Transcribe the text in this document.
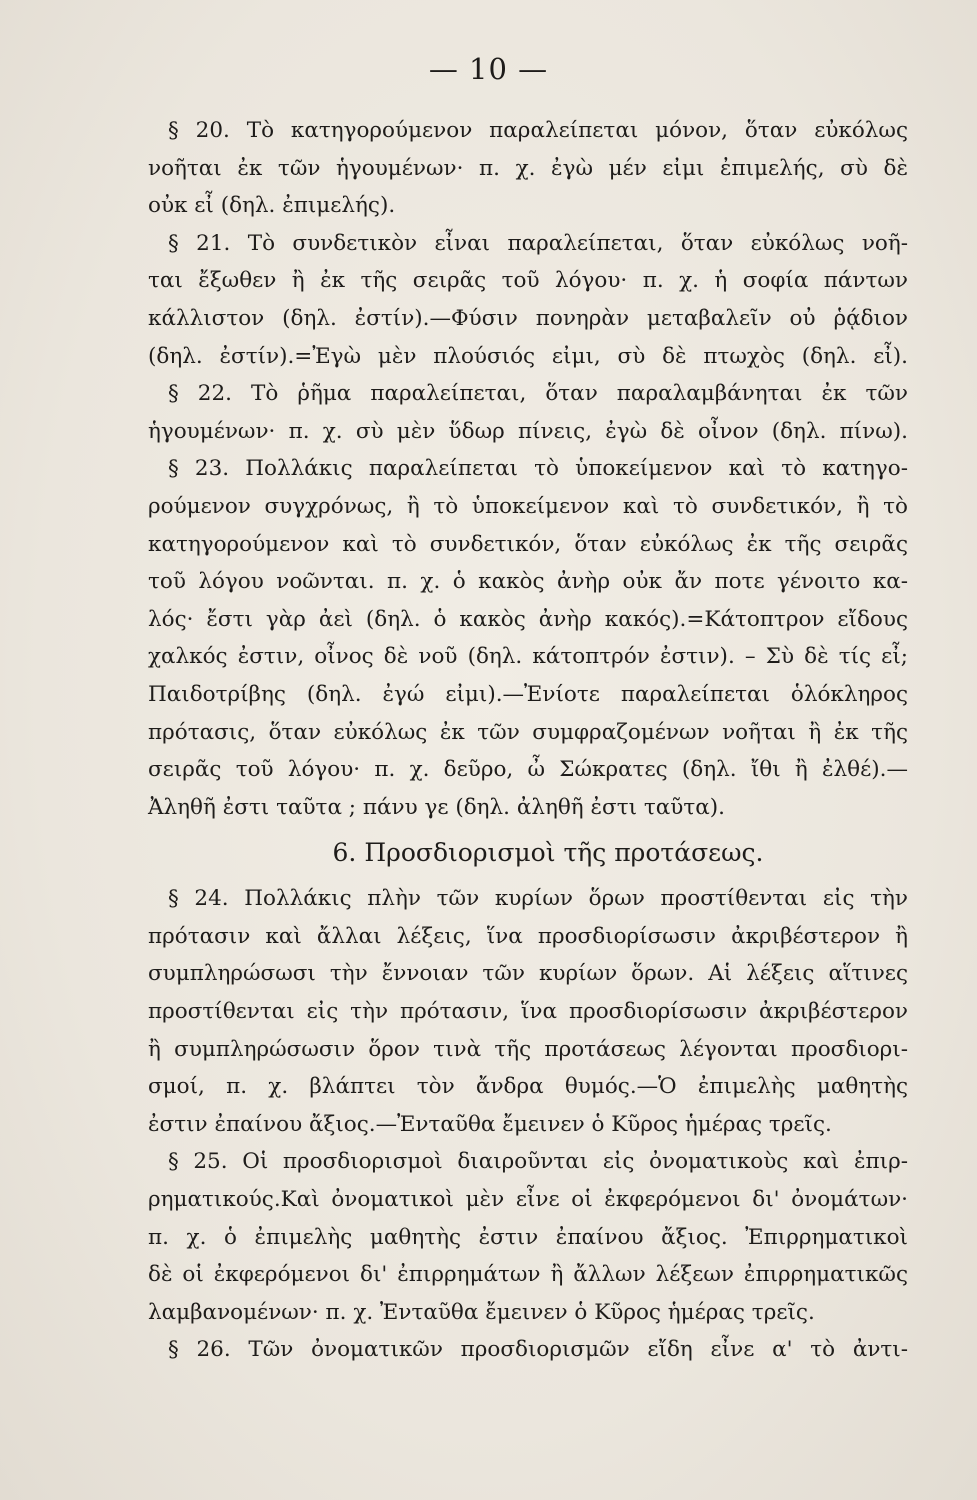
— 10 —
§ 20. Τὸ κατηγορούμενον παραλείπεται μόνον, ὅταν εὐκόλως
νοῆται ἐκ τῶν ἡγουμένων· π. χ. ἐγὼ μέν εἰμι ἐπιμελής, σὺ δὲ
οὐκ εἶ (δηλ. ἐπιμελής).
§ 21. Τὸ συνδετικὸν εἶναι παραλείπεται, ὅταν εὐκόλως νοῆ-
ται ἔξωθεν ἢ ἐκ τῆς σειρᾶς τοῦ λόγου· π. χ. ἡ σοφία πάντων
κάλλιστον (δηλ. ἐστίν).—Φύσιν πονηρὰν μεταβαλεῖν οὐ ῥᾴδιον
(δηλ. ἐστίν).=Ἐγὼ μὲν πλούσιός εἰμι, σὺ δὲ πτωχὸς (δηλ. εἶ).
§ 22. Τὸ ῥῆμα παραλείπεται, ὅταν παραλαμβάνηται ἐκ τῶν
ἡγουμένων· π. χ. σὺ μὲν ὕδωρ πίνεις, ἐγὼ δὲ οἶνον (δηλ. πίνω).
§ 23. Πολλάκις παραλείπεται τὸ ὑποκείμενον καὶ τὸ κατηγο-
ρούμενον συγχρόνως, ἢ τὸ ὑποκείμενον καὶ τὸ συνδετικόν, ἢ τὸ
κατηγορούμενον καὶ τὸ συνδετικόν, ὅταν εὐκόλως ἐκ τῆς σειρᾶς
τοῦ λόγου νοῶνται. π. χ. ὁ κακὸς ἀνὴρ οὐκ ἄν ποτε γένοιτο κα-
λός· ἔστι γὰρ ἀεὶ (δηλ. ὁ κακὸς ἀνὴρ κακός).=Κάτοπτρον εἴδους
χαλκός ἐστιν, οἶνος δὲ νοῦ (δηλ. κάτοπτρόν ἐστιν). – Σὺ δὲ τίς εἶ;
Παιδοτρίβης (δηλ. ἐγώ εἰμι).—Ἐνίοτε παραλείπεται ὁλόκληρος
πρότασις, ὅταν εὐκόλως ἐκ τῶν συμφραζομένων νοῆται ἢ ἐκ τῆς
σειρᾶς τοῦ λόγου· π. χ. δεῦρο, ὦ Σώκρατες (δηλ. ἴθι ἢ ἐλθέ).—
Ἀληθῆ ἐστι ταῦτα ; πάνυ γε (δηλ. ἀληθῆ ἐστι ταῦτα).
6. Προσδιορισμοὶ τῆς προτάσεως.
§ 24. Πολλάκις πλὴν τῶν κυρίων ὅρων προστίθενται εἰς τὴν
πρότασιν καὶ ἄλλαι λέξεις, ἵνα προσδιορίσωσιν ἀκριβέστερον ἢ
συμπληρώσωσι τὴν ἔννοιαν τῶν κυρίων ὅρων. Αἱ λέξεις αἵτινες
προστίθενται εἰς τὴν πρότασιν, ἵνα προσδιορίσωσιν ἀκριβέστερον
ἢ συμπληρώσωσιν ὅρον τινὰ τῆς προτάσεως λέγονται προσδιορι-
σμοί, π. χ. βλάπτει τὸν ἄνδρα θυμός.—Ὁ ἐπιμελὴς μαθητὴς
ἐστιν ἐπαίνου ἄξιος.—Ἐνταῦθα ἔμεινεν ὁ Κῦρος ἡμέρας τρεῖς.
§ 25. Οἱ προσδιορισμοὶ διαιροῦνται εἰς ὀνοματικοὺς καὶ ἐπιρ-
ρηματικούς.Καὶ ὀνοματικοὶ μὲν εἶνε οἱ ἐκφερόμενοι δι' ὀνομάτων·
π. χ. ὁ ἐπιμελὴς μαθητὴς ἐστιν ἐπαίνου ἄξιος. Ἐπιρρηματικοὶ
δὲ οἱ ἐκφερόμενοι δι' ἐπιρρημάτων ἢ ἄλλων λέξεων ἐπιρρηματικῶς
λαμβανομένων· π. χ. Ἐνταῦθα ἔμεινεν ὁ Κῦρος ἡμέρας τρεῖς.
§ 26. Τῶν ὀνοματικῶν προσδιορισμῶν εἴδη εἶνε α' τὸ ἀντι-
